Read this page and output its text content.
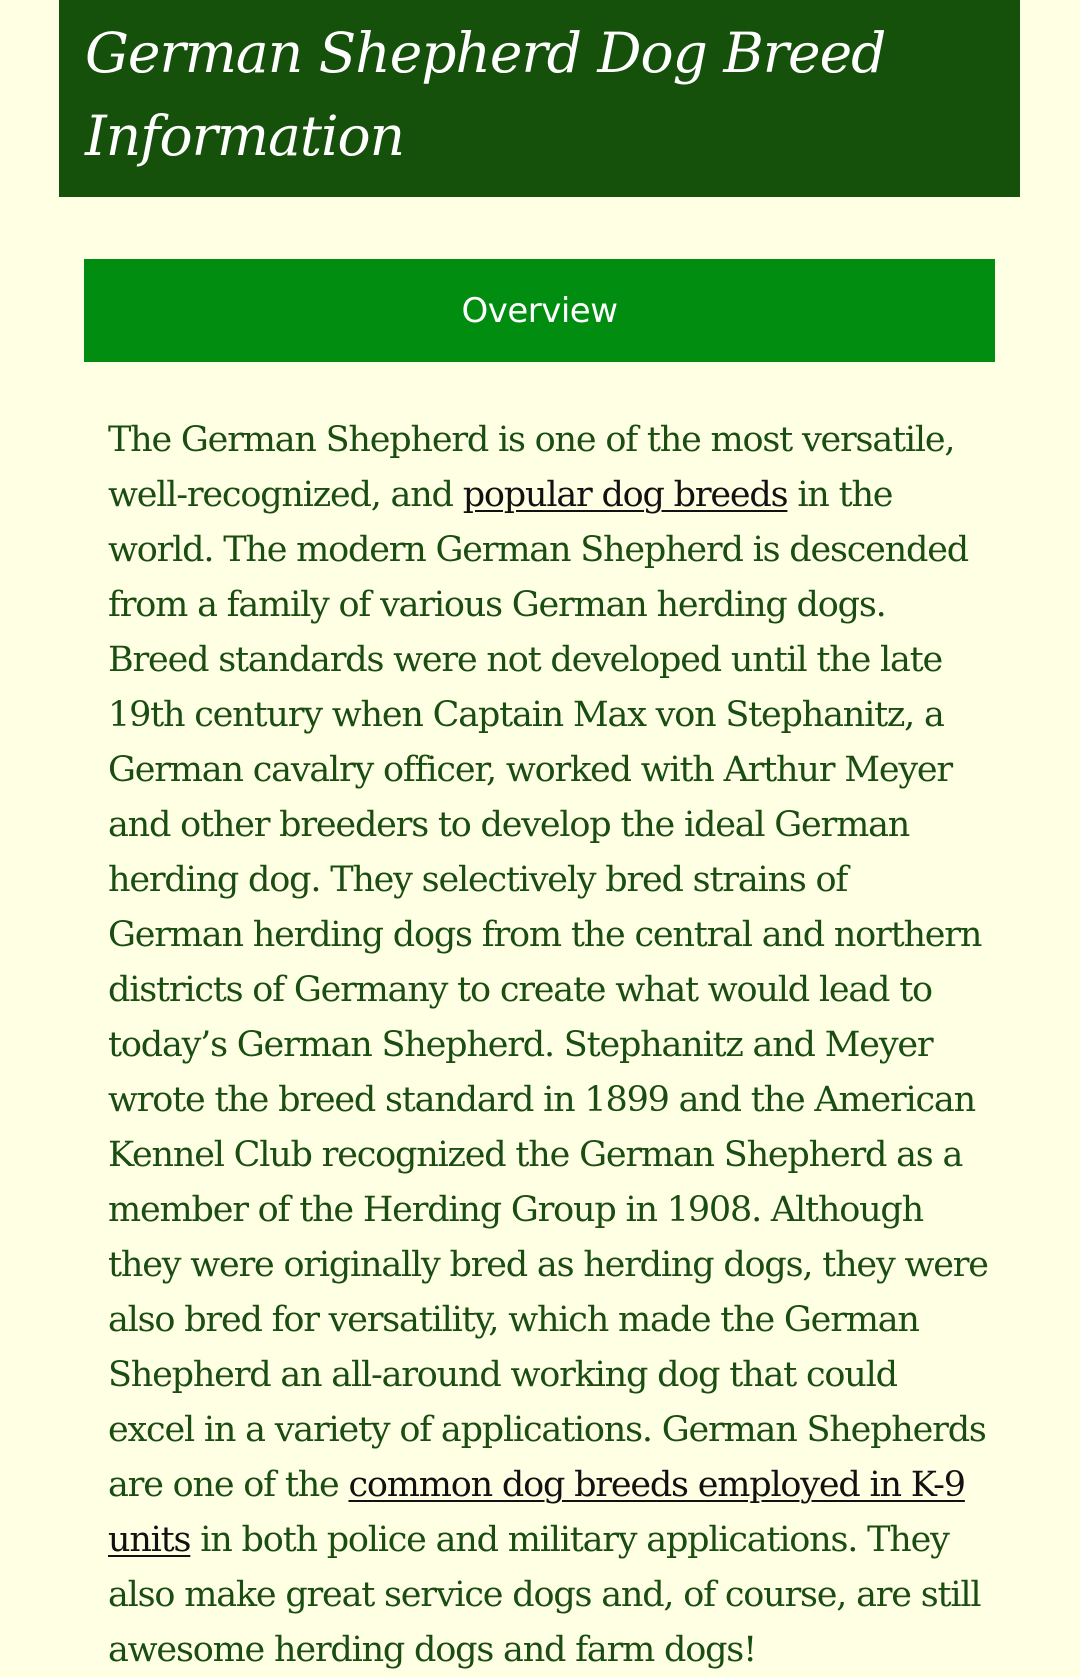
German Shepherd Dog Breed Information
Overview

The German Shepherd is one of the most versatile, well-recognized, and popular dog breeds in the world. The modern German Shepherd is descended from a family of various German herding dogs.

Breed standards were not developed until the late 19th century when Captain Max von Stephanitz, a German cavalry officer, worked with Arthur Meyer and other breeders to develop the ideal German herding dog. They selectively bred strains of German herding dogs from the central and northern districts of Germany to create what would lead to today’s German Shepherd. Stephanitz and Meyer wrote the breed standard in 1899 and the American Kennel Club recognized the German Shepherd as a member of the Herding Group in 1908. Although they were originally bred as herding dogs, they were also bred for versatility, which made the German Shepherd an all-around working dog that could excel in a variety of applications. German Shepherds are one of the common dog breeds employed in K-9 units in both police and military applications. They also make great service dogs and, of course, are still awesome herding dogs and farm dogs!
